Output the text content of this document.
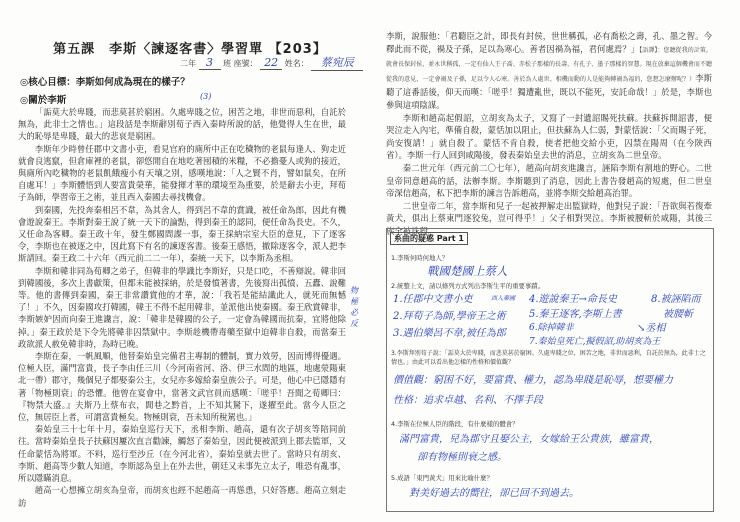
第五課　李斯〈諫逐客書〉學習單 【203】
二年 3 班 座號： 22 姓名： 蔡宛辰
◎核心目標：李斯如何成為現在的樣子？
◎關於李斯	(3)

「詬莫大於卑賤，而悲莫甚於窮困。久處卑賤之位，困苦之地，非世而惡利，自託於無為，此非士之情也。」這段話是李斯辭別荀子西入秦時所說的話，他覺得人生在世，最大的恥辱是卑賤，最大的悲哀是窮困。

李斯年少時曾任郡中文書小吏，看見官府的廁所中正在吃穢物的老鼠每逢人、狗走近就會良逃竄，但倉庫裡的老鼠，卻悠閒自在地吃著囤積的米糧，不必擔憂人或狗的接近，與廁所內吃穢物的老鼠飢餓瘦小有天壤之別，感嘆地說：「人之賢不肖，譬如鼠矣，在所自處耳！」李斯體悟到人要富貴榮華，能發揮才華的環境至為重要，於是辭去小吏，拜荀子為師，學習帝王之術，並且西入秦國去尋找機會。

到秦國，先投奔秦相呂不韋，為其舍人，得到呂不韋的賞識，被任命為郎，因此有機會遊說秦王。李斯對秦王說了統一天下的論點，得到秦王的認同，便任命為長史。不久，又任命為客卿。秦王政十年，發生鄭國間諜一事，秦王採納宗室大臣的意見，下了逐客令，李斯也在被逐之中，因此寫下有名的諫逐客書。後秦王感悟，撤除逐客令，派人把李斯請回。秦王政二十六年（西元前二二一年），秦統一天下，以李斯為丞相。

李斯和韓非同為荀卿之弟子，但韓非的學識比李斯好，只是口吃，不善辯說。韓非回到韓國後，多次上書獻策，但都未能被採納，於是發憤著書，先後寫出孤憤、五蠹、說難等。他的書傳到秦國，秦王非常讚賞他的才華，說：「我若是能結識此人，就死而無憾了！」不久，因秦國攻打韓國，韓王不得不起用韓非，並派他出使秦國。秦王欣賞韓非，李斯嫉妒因而向秦王進讒言，說：「韓非是韓國的公子，一定會為韓國而抗秦，宜將他除掉。」秦王政於是下令先將韓非囚禁獄中。李斯趁機帶毒藥至獄中迫韓非自殺，而當秦王政欲派人赦免韓非時，為時已晚。

李斯在秦，一帆風順，他替秦始皇完備君主專制的體制，實力效勞，因而博得優遇。位極人臣，滿門富貴，長子李由任三川（今河南省河、洛、伊三水間的地區，地處滎陽東北一帶）郡守，幾個兒子都娶秦公主，女兒亦多嫁給秦皇族公子。可是，他心中已隱隱有著「物極則衰」的恐懼。他曾在宴會中，當著文武官員而感嘆：「嗟乎！吾聞之荀卿曰：『物禁大盛。』夫斯乃上蔡布衣，閭巷之黔首，上不知其駑下，遂擢至此。當今人臣之位，無居臣上者，可謂富貴極矣。物極則衰，吾未知所稅駕也。」

秦始皇三十七年十月，秦始皇巡行天下，丞相李斯、趙高，還有次子胡亥等陪同前往。當時秦始皇長子扶蘇因屢次直言勸諫，觸怒了秦始皇，因此便被派到上郡去監軍，又任命蒙恬為將軍。不料，巡行至沙丘（在今河北省），秦始皇就去世了。當時只有胡亥、李斯、趙高等少數人知道，李斯認為皇上在外去世，朝廷又未事先立太子，唯恐有亂事，所以隱瞞消息。

趙高一心想擁立胡亥為皇帝，而胡亥也經不起趙高一再慫恿，只好答應。趙高立刻走訪

物極必反

李斯，說服他：「君聽臣之計，即長有封侯，世世稱孤，必有喬松之壽，孔、墨之智。今釋此而不從，禍及子孫，足以為寒心。善者因禍為福，君何處焉？」【語譯】：您聽從我的計策，就會長保封侯，並永世稱孤，一定有仙人王子喬、赤松子那樣的長壽，有孔子、墨子那樣的智慧。現在放棄這個機會而不聽從我的意見，一定會禍及子孫，足以令人心寒。善於為人處世、相機而動的人是能夠轉禍為福的，您想怎麼辦呢？）李斯聽了這番話後，仰天而嘆：「嗟乎！獨遭亂世，既以不能死，安託命哉！」於是，李斯也參與這項陰謀。

李斯和趙高起假詔，立胡亥為太子，又寫了一封遺詔賜死扶蘇。扶蘇拆開詔書，便哭泣走入內宅，準備自殺，蒙恬加以阻止，但扶蘇為人仁弱，對蒙恬說：「父而賜子死，尚安復請！」就自殺了。蒙恬不肯自殺，使者把他交給小吏，囚禁在陽周（在今陝西省）。李斯一行人回到咸陽後，發表秦始皇去世的消息，立胡亥為二世皇帝。

秦二世元年（西元前二〇七年），趙高向胡亥進讒言，誣陷李斯有割地的野心。二世皇帝同意趙高的話，法辦李斯。李斯聽到了消息，因此上書告發趙高的短處，但二世皇帝深信趙高，私下把李斯的諫言告訴趙高，並將李斯交給趙高治罪。

二世皇帝二年，當李斯和兒子一起被押解走出監獄時，他對兒子說：「吾欲與若復牽黃犬，俱出上蔡東門逐狡兔，豈可得乎！」父子相對哭泣。李斯被腰斬於咸陽，其後三族全被誅殺。

糸曲的疑惑 Part 1
1.李斯何時何地人？
戰國楚國上蔡人
2.統整上文，請以條列方式列出李斯生平的重要事蹟。
1.任郡中文書小吏
2.拜荀子為師,學帝王之術
3.遇伯樂呂不韋,被任為郎
西入秦國 4.遊說秦王→命長史
5.秦王逐客,李斯上書
6.除掉韓非
7.秦始皇死亡,擬假詔,助胡亥為王
8.被誣陷而
被腰斬
↘丞相
3.李斯拜別荀子說：「詬莫大於卑賤，而悲莫甚於窮困。久處卑賤之位，困苦之地，非世而惡利，自託於無為，此非士之情也。」由此可以看出他怎樣的性格和價值觀？
價值觀：窮困不好，要富貴、權力，認為卑賤是恥辱，想要權力
性格：追求卓越、名利、不擇手段
4.李斯在位極人臣的階段，有什麼樣的體會？
滿門富貴，兒為郡守且娶公主，女嫁給王公貴族，雖富貴，
卻有物極則衰之感。
5.成語「東門黃犬」用來比喻什麼？
對美好過去的嚮往，卻已回不到過去。
